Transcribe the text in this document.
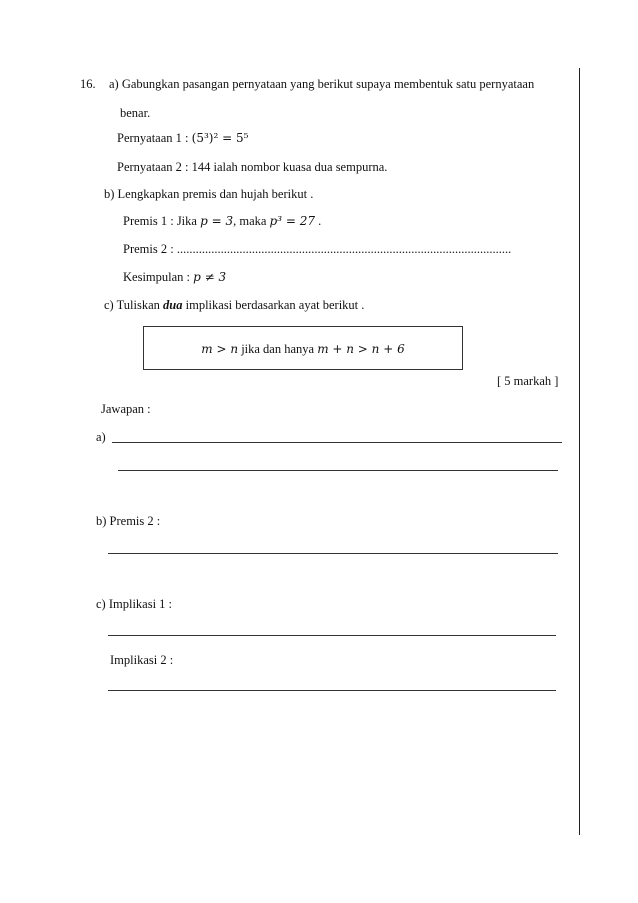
16. a) Gabungkan pasangan pernyataan yang berikut supaya membentuk satu pernyataan
benar.
Pernyataan 1 : (5³)² = 5⁵
Pernyataan 2 : 144 ialah nombor kuasa dua sempurna.
b) Lengkapkan premis dan hujah berikut .
Premis 1 : Jika p = 3, maka p³ = 27 .
Premis 2 : ...........................................................................................................
Kesimpulan : p ≠ 3
c) Tuliskan dua implikasi berdasarkan ayat berikut .
m > n jika dan hanya m + n > n + 6
[ 5 markah ]
Jawapan :
a)
b) Premis 2 :
c) Implikasi 1 :
Implikasi 2 :
